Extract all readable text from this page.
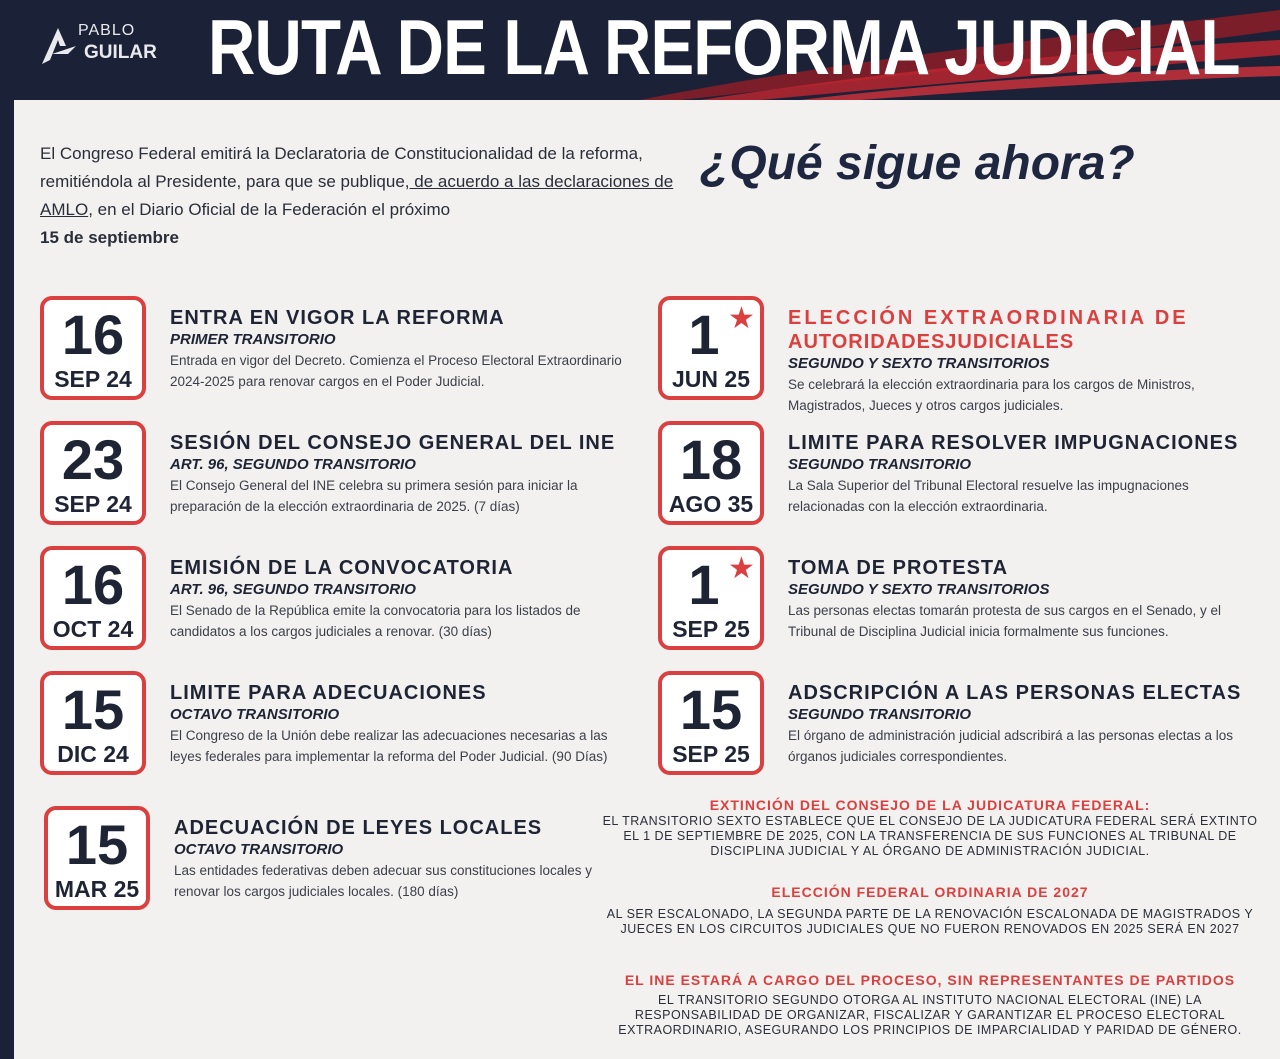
PABLO
GUILAR RUTA DE LA REFORMA JUDICIAL
El Congreso Federal emitirá la Declaratoria de Constitucionalidad de la reforma, remitiéndola al Presidente, para que se publique, de acuerdo a las declaraciones de AMLO, en el Diario Oficial de la Federación el próximo
15 de septiembre
¿Qué sigue ahora?
16
SEP 24
ENTRA EN VIGOR LA REFORMA
PRIMER TRANSITORIO
Entrada en vigor del Decreto. Comienza el Proceso Electoral Extraordinario 2024-2025 para renovar cargos en el Poder Judicial.
23
SEP 24
SESIÓN DEL CONSEJO GENERAL DEL INE
ART. 96, SEGUNDO TRANSITORIO
El Consejo General del INE celebra su primera sesión para iniciar la preparación de la elección extraordinaria de 2025. (7 días)
16
OCT 24
EMISIÓN DE LA CONVOCATORIA
ART. 96, SEGUNDO TRANSITORIO
El Senado de la República emite la convocatoria para los listados de candidatos a los cargos judiciales a renovar. (30 días)
15
DIC 24
LIMITE PARA ADECUACIONES
OCTAVO TRANSITORIO
El Congreso de la Unión debe realizar las adecuaciones necesarias a las leyes federales para implementar la reforma del Poder Judicial. (90 Días)
15
MAR 25
ADECUACIÓN DE LEYES LOCALES
OCTAVO TRANSITORIO
Las entidades federativas deben adecuar sus constituciones locales y renovar los cargos judiciales locales. (180 días)
1 ★
JUN 25
ELECCIÓN EXTRAORDINARIA DE
AUTORIDADESJUDICIALES
SEGUNDO Y SEXTO TRANSITORIOS
Se celebrará la elección extraordinaria para los cargos de Ministros, Magistrados, Jueces y otros cargos judiciales.
18
AGO 35
LIMITE PARA RESOLVER IMPUGNACIONES
SEGUNDO TRANSITORIO
La Sala Superior del Tribunal Electoral resuelve las impugnaciones relacionadas con la elección extraordinaria.
1 ★
SEP 25
TOMA DE PROTESTA
SEGUNDO Y SEXTO TRANSITORIOS
Las personas electas tomarán protesta de sus cargos en el Senado, y el Tribunal de Disciplina Judicial inicia formalmente sus funciones.
15
SEP 25
ADSCRIPCIÓN A LAS PERSONAS ELECTAS
SEGUNDO TRANSITORIO
El órgano de administración judicial adscribirá a las personas electas a los órganos judiciales correspondientes.
EXTINCIÓN DEL CONSEJO DE LA JUDICATURA FEDERAL:
EL TRANSITORIO SEXTO ESTABLECE QUE EL CONSEJO DE LA JUDICATURA FEDERAL SERÁ EXTINTO EL 1 DE SEPTIEMBRE DE 2025, CON LA TRANSFERENCIA DE SUS FUNCIONES AL TRIBUNAL DE DISCIPLINA JUDICIAL Y AL ÓRGANO DE ADMINISTRACIÓN JUDICIAL.
ELECCIÓN FEDERAL ORDINARIA DE 2027
AL SER ESCALONADO, LA SEGUNDA PARTE DE LA RENOVACIÓN ESCALONADA DE MAGISTRADOS Y JUECES EN LOS CIRCUITOS JUDICIALES QUE NO FUERON RENOVADOS EN 2025 SERÁ EN 2027
EL INE ESTARÁ A CARGO DEL PROCESO, SIN REPRESENTANTES DE PARTIDOS
EL TRANSITORIO SEGUNDO OTORGA AL INSTITUTO NACIONAL ELECTORAL (INE) LA RESPONSABILIDAD DE ORGANIZAR, FISCALIZAR Y GARANTIZAR EL PROCESO ELECTORAL EXTRAORDINARIO, ASEGURANDO LOS PRINCIPIOS DE IMPARCIALIDAD Y PARIDAD DE GÉNERO.
